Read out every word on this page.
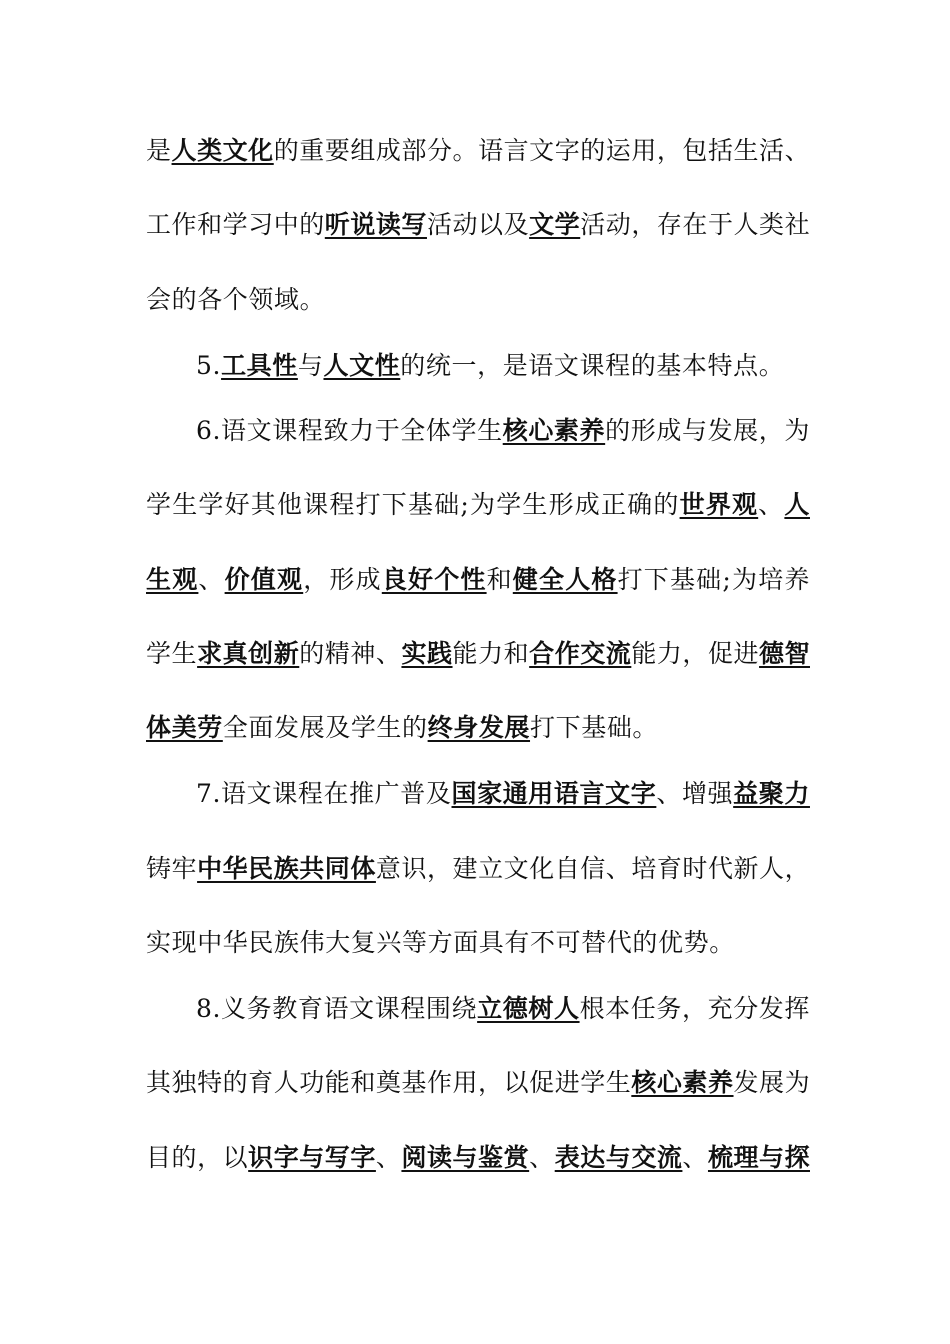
是人类文化的重要组成部分。语言文字的运用，包括生活、
工作和学习中的听说读写活动以及文学活动，存在于人类社
会的各个领域。
5.工具性与人文性的统一，是语文课程的基本特点。
6.语文课程致力于全体学生核心素养的形成与发展，为
学生学好其他课程打下基础;为学生形成正确的世界观、人
生观、价值观，形成良好个性和健全人格打下基础;为培养
学生求真创新的精神、实践能力和合作交流能力，促进德智
体美劳全面发展及学生的终身发展打下基础。
7.语文课程在推广普及国家通用语言文字、增强益聚力
铸牢中华民族共同体意识，建立文化自信、培育时代新人，
实现中华民族伟大复兴等方面具有不可替代的优势。
8.义务教育语文课程围绕立德树人根本任务，充分发挥
其独特的育人功能和奠基作用，以促进学生核心素养发展为
目的，以识字与写字、阅读与鉴赏、表达与交流、梳理与探
